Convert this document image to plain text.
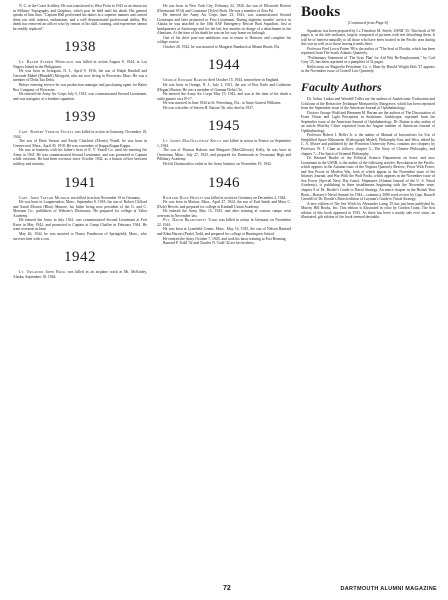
N. C. in the Coast Artillery. He was transferred to West Point in 1943 as an instructor in Military Topography and Graphics, which post he held until his death. His general speaks of him thus: "Captain Hall performed his duties in a superior manner and carried them out with interest, enthusiasm, and a well demonstrated professional ability. His death has removed an officer who by reason of his skill, training, and experience cannot be readily replaced."

1938

Lt. Ralph Alfred Merigold was killed in action August 9, 1944, at Los Negros Island in the Philippines.

He was born in Irvington, N. J., April 9, 1916, the son of Ralph Randall and Gertrude Mabel (Blundell) Merigold, who are now living in Worcester, Mass. He was a member of Delta Tau Delta.

Before entering service he was production manager and purchasing agent for Baker Box Company of Worcester.

He entered the Army Air Corps July 5, 1941, was commissioned Second Lieutenant, and was navigator of a bomber squadron.

1939

Capt. Robert Vernon Yeuell was killed in action in Germany, November 18, 1944.

The son of Eben Vernon and Emily Charlotte (Morris) Yeuell, he was born in Greenwood, Mass., April 30, 1918. He was a member of Kappa Kappa Kappa.

He was in business with his father's firm of E. V. Yeuell Co. until his entering the Army in 1941. He was commissioned Second Lieutenant, and was promoted to Captain while overseas. He had been overseas since October 1942, as a liaison officer between artillery and infantry.

1941

Capt. John Taylor Munroe was killed in action November 19 in Germany.

He was born in Longmeadow, Mass., September 8, 1918, the son of Robert Clifford and Sarah Morton (Blair) Munroe, his father being now president of the G. and C. Merriam Co., publishers of Webster's Dictionary. He prepared for college at Tabor Academy.

He entered the Army in July 1941, was commissioned Second Lieutenant at Fort Knox in May 1942, and promoted to Captain at Camp Chaffee in February 1944. He went overseas in June.

May 26, 1942, he was married to Nancy Punderson of Springfield, Mass., who survives him with a son.

1942

Lt. Orlando John Bock was killed in an airplane crash at Mt. McKinley, Alaska, September 18, 1944.

He was born in New York City, February 22, 1920, the son of Ellsworth Brewer (Dartmouth 1914) and Constance (Tyler) Bock. He was a member of Zeta Psi.

He entered the Army Air Corps June 23, 1941, was commissioned Second Lieutenant and later promoted to First Lieutenant. During eighteen months' service in Alaska he was attached to the 10th AAF Emergency Rescue Boat Squadron, first at headquarters at Anchorage and for the last few months in charge of a detachment in the Aleutians. At the time of his death he was on his way home on furlough.

One of his chief post-war ambitions was to return to Hanover and complete his college course.

October 28, 1942, he was married to Margaret Bambach at Miami Beach, Fla.

1944

George Edward Barton died October 15, 1944, somewhere in England.

He was born in Orange, N. J., July 3, 1921, the son of Roy Earle and Catherine (Hogan) Barton. He was a member of Gamma Delta Chi.

He entered the Army Air Corps May 19, 1942, and was at the time of his death a radio gunner on a B-17.

He was married in June 1944 at St. Petersburg, Fla., to Anne Garnett Williams.

He was a brother of Steven H. Barton '36, who died in 1937.

1945

Lt. James MacGillivray Kelly was killed in action in France on September 1, 1944.

The son of Thomas Robson and Margaret (MacGillivray) Kelly, he was born in Owatonna, Minn., July 27, 1923, and prepared for Dartmouth at Owatonna High and Pillsbury Academy.

He left Dartmouth to enlist in the Army Infantry on November 19, 1942.

1946

Richard Dole Hewitt was killed in action in Germany on December 2, 1944.

He was born in Marion, Mass., April 27, 1924, the son of Earl Smith and Mary C. (Dole) Hewitt, and prepared for college at Kimball Union Academy.

He entered the Army May 15, 1943, and after training at various camps went overseas in November last.

Pvt. David Bradstreet Todd was killed in action in Germany on November 22, 1944.

He was born at Lynnfield Center, Mass., May 14, 1925, the son of Nelson Barnard and Edna Harriet (Peale) Todd, and prepared for college at Huntington School.

He entered the Army October 7, 1943, and took his basic training at Fort Benning.

Barnard P. Todd '32 and Charles N. Todd '42 are his brothers.

Books
[Continued from Page 6]

Squadron, has been prepared by Lt. Theodore M. Steele, USNR '35. This book of 90 pages is, as the title indicates, largely composed of pictures with text describing them. It will be of interest naturally to all those who have been located in the Pacific area during this war as well as to those having friends there.

Professor Fred Lewis Pattee '88 is the author of "The Soul of Florida, which has been reprinted from The South Atlantic Quarterly.

"Preliminary Statement of 'The Gray Plan' for Aid War Re-Employment," by Carl Gray '25, has been reprinted as a pamphlet of 32 pages.

Reflections on Magnolia Petroleum Co. v. Hunt by Harold Wright Holt '27 appears in the November issue of Cornell Law Quarterly.

Faculty Authors

Dr. Arthur Linksz and Wendell Triller are the authors of Aniseiconia: Evaluation and Criticism of the Refractive Technique Measured by Margraves, which has been reprinted from the September issue of the American Journal of Ophthalmology.

Doctors George Wald and Hermann M. Burian are the authors of The Dissociation of Form Vision and Light Perception in Strabismic Amblyopia, reprinted from the September issue of the American Journal of Ophthalmology. Dr. Burian is also author of an article Motility Clinic reprinted from the August number of American Journal of Ophthalmology.

Professor Robert J. Bellet Jr. is the author of Manual of Instructions for Use of Simplified Space Ekhometer (Kaleograph Model). Philosophy East and West, edited by C. A. Moore and published by the Princeton University Press, contains two chapters by Professor W. T. Chan as follows: chapter 3—The Story of Chinese Philosophy, and chapter 7—The Spirit of Oriental Philosophy.

Dr. Bernard Brodie of the Political Science Department on leave, and now Lieutenant in the USNR, is the author of the following articles: Revolution in the Pacific, which appears in the Autumn issue of the Virginia Quarterly Review; Prose With Power, and Sea Power in Modern War, both of which appear in the November issue of the Infantry Journal, and War With the Wolf Packs, which appears in the November issue of Sea Power (Special Navy Day Issue). Shipmates (Alumni Journal of the U. S. Naval Academy), is publishing in three installments beginning with the November issue, chapter 8 of Dr. Brodie's Guide to Naval Strategy. An entire chapter in the British Year Book—Brassey's Naval Annual for 1944—contains a 3000 word review by Capt. Russell Grenfell of Dr. Brodie's British edition of Layman's Guide to Naval Strategy.

A new edition of The Sea Witch by Alexander Laing '25 has just been published by Murray Hill Books, Inc. This edition is illustrated in color by Gordon Grant. The first edition of this book appeared in 1933. As there has been a steady sale ever since, an illustrated, gift edition of the book seemed desirable.

72	DARTMOUTH ALUMNI MAGAZINE
